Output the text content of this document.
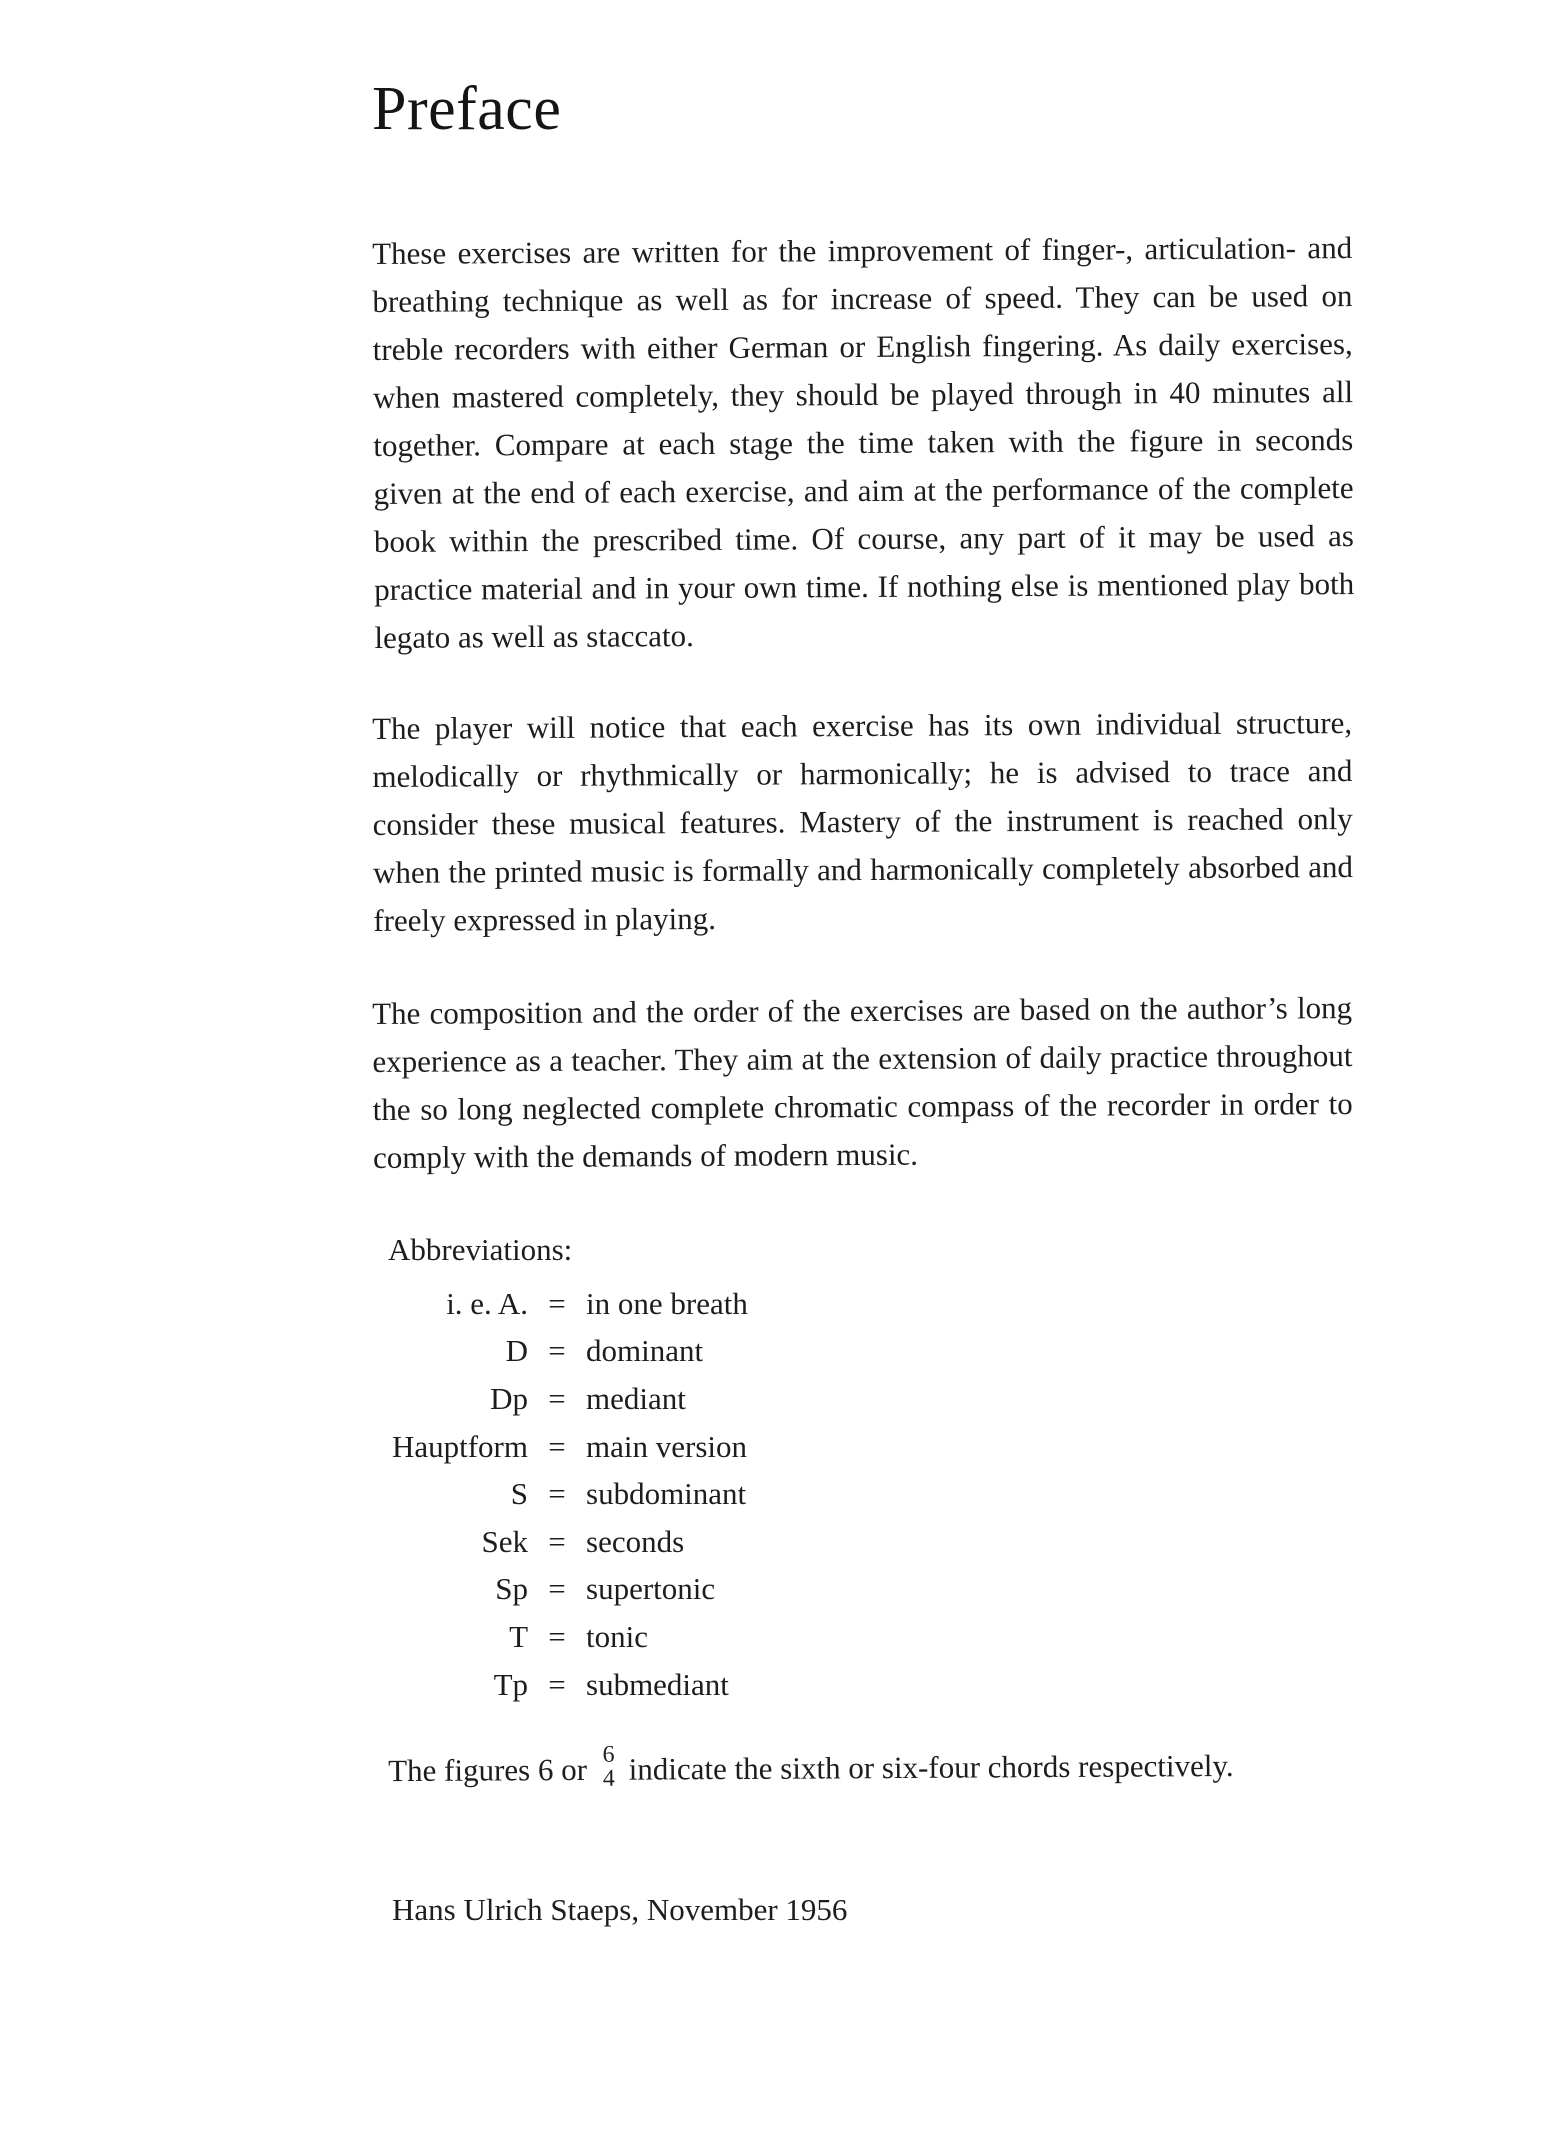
Preface

These exercises are written for the improvement of finger-, articulation- and breathing technique as well as for increase of speed. They can be used on treble recorders with either German or English fingering. As daily exercises, when mastered completely, they should be played through in 40 minutes all together. Compare at each stage the time taken with the figure in seconds given at the end of each exercise, and aim at the performance of the complete book within the prescribed time. Of course, any part of it may be used as practice material and in your own time. If nothing else is mentioned play both legato as well as staccato.

The player will notice that each exercise has its own individual structure, melodically or rhythmically or harmonically; he is advised to trace and consider these musical features. Mastery of the instrument is reached only when the printed music is formally and harmonically completely absorbed and freely expressed in playing.

The composition and the order of the exercises are based on the author’s long experience as a teacher. They aim at the extension of daily practice throughout the so long neglected complete chromatic compass of the recorder in order to comply with the demands of modern music.

Abbreviations:

i. e. A.	=	in one breath
D	=	dominant
Dp	=	mediant
Hauptform	=	main version
S	=	subdominant
Sek	=	seconds
Sp	=	supertonic
T	=	tonic
Tp	=	submediant

The figures 6 or 6
4 indicate the sixth or six-four chords respectively.

Hans Ulrich Staeps, November 1956
